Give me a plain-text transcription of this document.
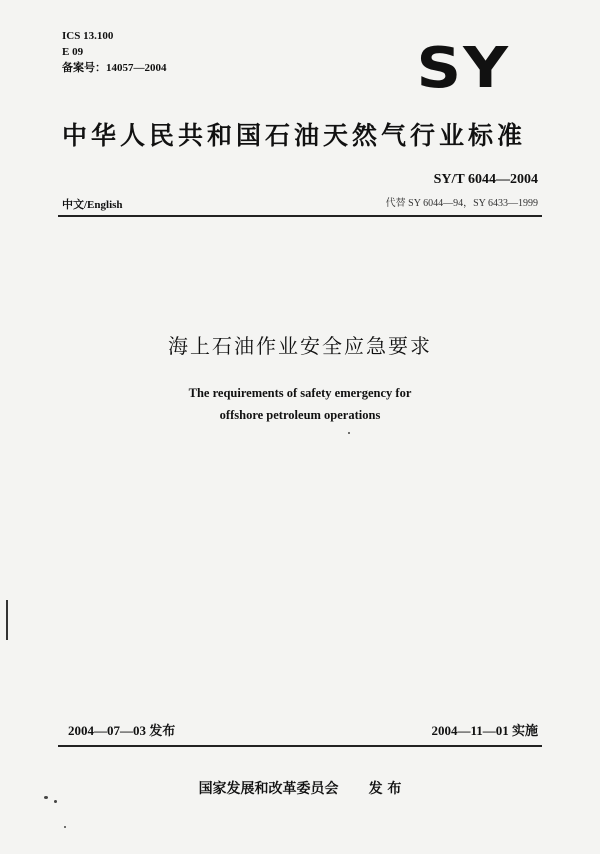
ICS 13.100
E 09
备案号：14057—2004	SY
中华人民共和国石油天然气行业标准
SY/T 6044—2004
中文/English	代替 SY 6044—94，SY 6433—1999
海上石油作业安全应急要求
The requirements of safety emergency for
offshore petroleum operations
2004—07—03 发布	2004—11—01 实施
国家发展和改革委员会 发 布
